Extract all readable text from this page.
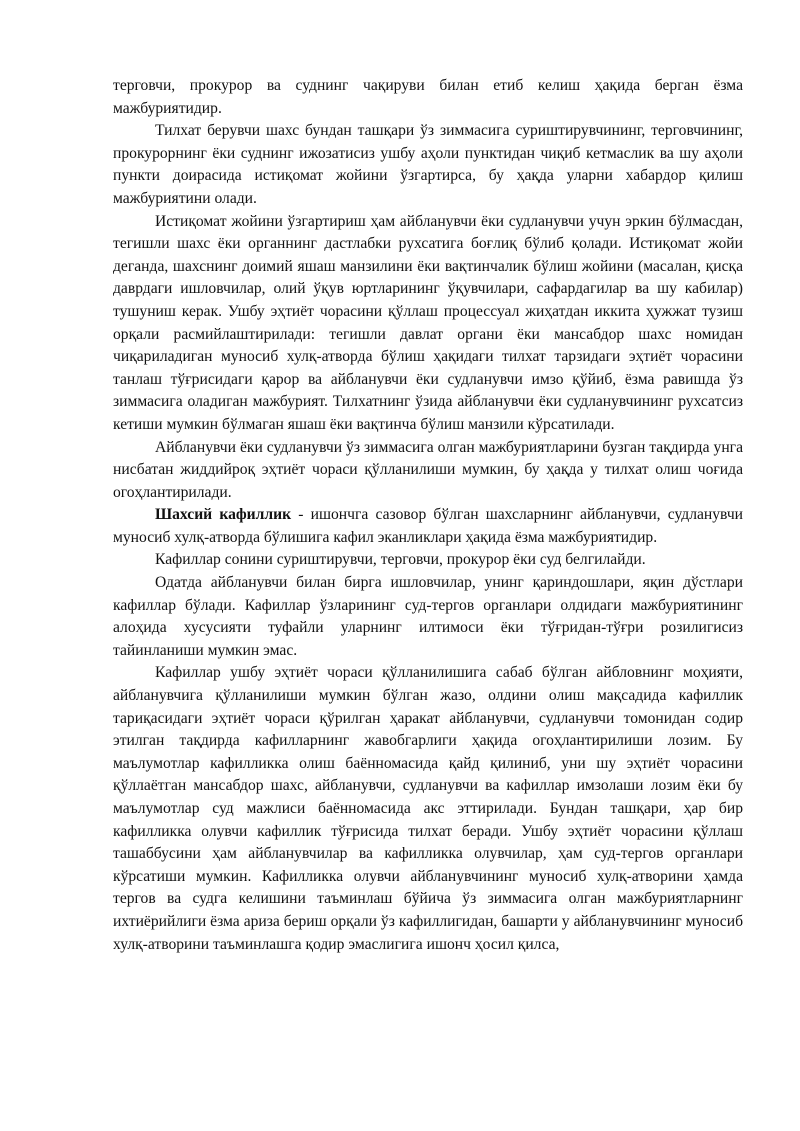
терговчи, прокурор ва суднинг чақируви билан етиб келиш ҳақида берган ёзма мажбуриятидир.

Тилхат берувчи шахс бундан ташқари ўз зиммасига суриштирувчининг, терговчининг, прокурорнинг ёки суднинг ижозатисиз ушбу аҳоли пунктидан чиқиб кетмаслик ва шу аҳоли пункти доирасида истиқомат жойини ўзгартирса, бу ҳақда уларни хабардор қилиш мажбуриятини олади.

Истиқомат жойини ўзгартириш ҳам айбланувчи ёки судланувчи учун эркин бўлмасдан, тегишли шахс ёки органнинг дастлабки рухсатига боғлиқ бўлиб қолади. Истиқомат жойи деганда, шахснинг доимий яшаш манзилини ёки вақтинчалик бўлиш жойини (масалан, қисқа даврдаги ишловчилар, олий ўқув юртларининг ўқувчилари, сафардагилар ва шу кабилар) тушуниш керак. Ушбу эҳтиёт чорасини қўллаш процессуал жиҳатдан иккита ҳужжат тузиш орқали расмийлаштирилади: тегишли давлат органи ёки мансабдор шахс номидан чиқариладиган муносиб хулқ-атворда бўлиш ҳақидаги тилхат тарзидаги эҳтиёт чорасини танлаш тўғрисидаги қарор ва айбланувчи ёки судланувчи имзо қўйиб, ёзма равишда ўз зиммасига оладиган мажбурият. Тилхатнинг ўзида айбланувчи ёки судланувчининг рухсатсиз кетиши мумкин бўлмаган яшаш ёки вақтинча бўлиш манзили кўрсатилади.

Айбланувчи ёки судланувчи ўз зиммасига олган мажбуриятларини бузган тақдирда унга нисбатан жиддийроқ эҳтиёт чораси қўлланилиши мумкин, бу ҳақда у тилхат олиш чоғида огоҳлантирилади.

Шахсий кафиллик - ишончга сазовор бўлган шахсларнинг айбланувчи, судланувчи муносиб хулқ-атворда бўлишига кафил эканликлари ҳақида ёзма мажбуриятидир.

Кафиллар сонини суриштирувчи, терговчи, прокурор ёки суд белгилайди.

Одатда айбланувчи билан бирга ишловчилар, унинг қариндошлари, яқин дўстлари кафиллар бўлади. Кафиллар ўзларининг суд-тергов органлари олдидаги мажбуриятининг алоҳида хусусияти туфайли уларнинг илтимоси ёки тўғридан-тўғри розилигисиз тайинланиши мумкин эмас.

Кафиллар ушбу эҳтиёт чораси қўлланилишига сабаб бўлган айбловнинг моҳияти, айбланувчига қўлланилиши мумкин бўлган жазо, олдини олиш мақсадида кафиллик тариқасидаги эҳтиёт чораси қўрилган ҳаракат айбланувчи, судланувчи томонидан содир этилган тақдирда кафилларнинг жавобгарлиги ҳақида огоҳлантирилиши лозим. Бу маълумотлар кафилликка олиш баённомасида қайд қилиниб, уни шу эҳтиёт чорасини қўллаётган мансабдор шахс, айбланувчи, судланувчи ва кафиллар имзолаши лозим ёки бу маълумотлар суд мажлиси баённомасида акс эттирилади. Бундан ташқари, ҳар бир кафилликка олувчи кафиллик тўғрисида тилхат беради. Ушбу эҳтиёт чорасини қўллаш ташаббусини ҳам айбланувчилар ва кафилликка олувчилар, ҳам суд-тергов органлари кўрсатиши мумкин. Кафилликка олувчи айбланувчининг муносиб хулқ-атворини ҳамда тергов ва судга келишини таъминлаш бўйича ўз зиммасига олган мажбуриятларнинг ихтиёрийлиги ёзма ариза бериш орқали ўз кафиллигидан, башарти у айбланувчининг муносиб хулқ-атворини таъминлашга қодир эмаслигига ишонч ҳосил қилса,
